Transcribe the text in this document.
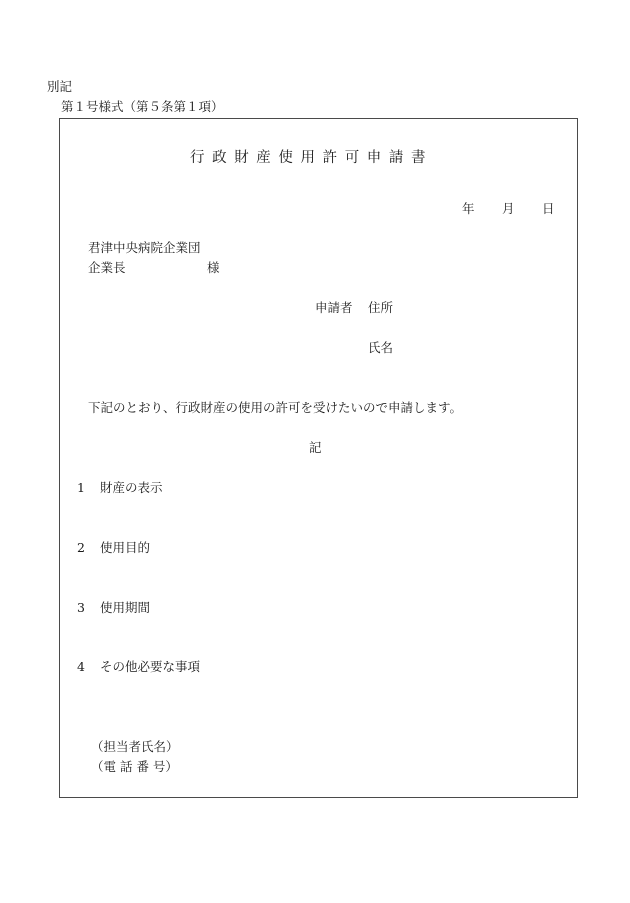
別記
第１号様式（第５条第１項）
行政財産使用許可申請書
年 月 日
君津中央病院企業団
企業長	様
申請者 住所
氏名
下記のとおり、行政財産の使用の許可を受けたいので申請します。
記
1 財産の表示
2 使用目的
3 使用期間
4 その他必要な事項
（担当者氏名）
（電 話 番 号）
